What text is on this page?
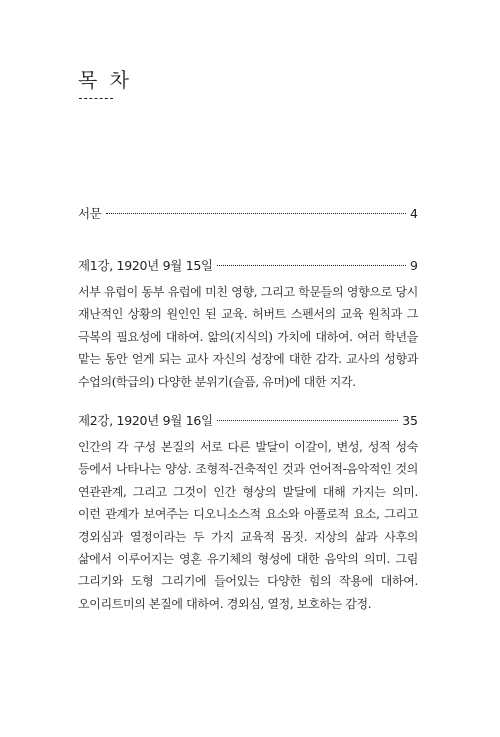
목 차
서문	4
제1강, 1920년 9월 15일	9
서부 유럽이 동부 유럽에 미친 영향, 그리고 학문들의 영향으로 당시 재난적인 상황의 원인인 된 교육. 허버트 스펜서의 교육 원칙과 그 극복의 필요성에 대하여. 앎의(지식의) 가치에 대하여. 여러 학년을 맡는 동안 얻게 되는 교사 자신의 성장에 대한 감각. 교사의 성향과 수업의(학급의) 다양한 분위기(슬픔, 유머)에 대한 지각.
제2강, 1920년 9월 16일	35
인간의 각 구성 본질의 서로 다른 발달이 이갈이, 변성, 성적 성숙 등에서 나타나는 양상. 조형적-건축적인 것과 언어적-음악적인 것의 연관관계, 그리고 그것이 인간 형상의 발달에 대해 가지는 의미. 이런 관계가 보여주는 디오니소스적 요소와 아폴로적 요소, 그리고 경외심과 열정이라는 두 가지 교육적 몸짓. 지상의 삶과 사후의 삶에서 이루어지는 영혼 유기체의 형성에 대한 음악의 의미. 그림 그리기와 도형 그리기에 들어있는 다양한 힘의 작용에 대하여. 오이리트미의 본질에 대하여. 경외심, 열정, 보호하는 감정.
